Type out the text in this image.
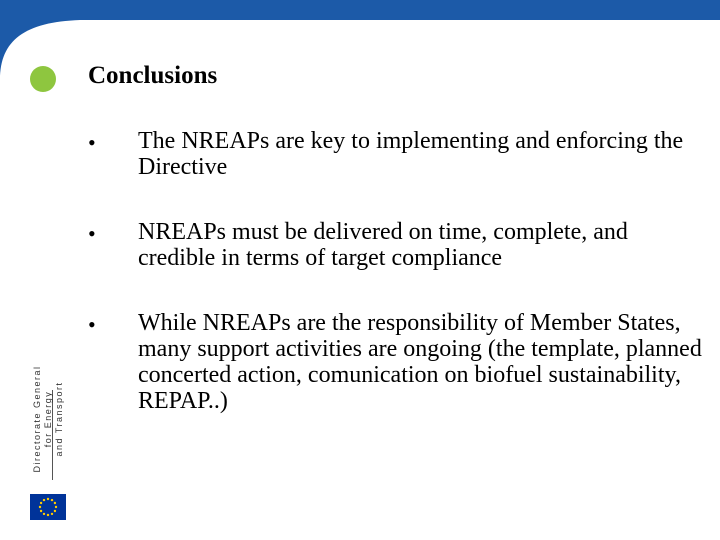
Conclusions
•	The NREAPs are key to implementing and enforcing the Directive
•	NREAPs must be delivered on time, complete, and credible in terms of target compliance
•	While NREAPs are the responsibility of Member States, many support activities are ongoing (the template, planned concerted action, comunication on biofuel sustainability, REPAP..)
Directorate General for Energy and Transport
